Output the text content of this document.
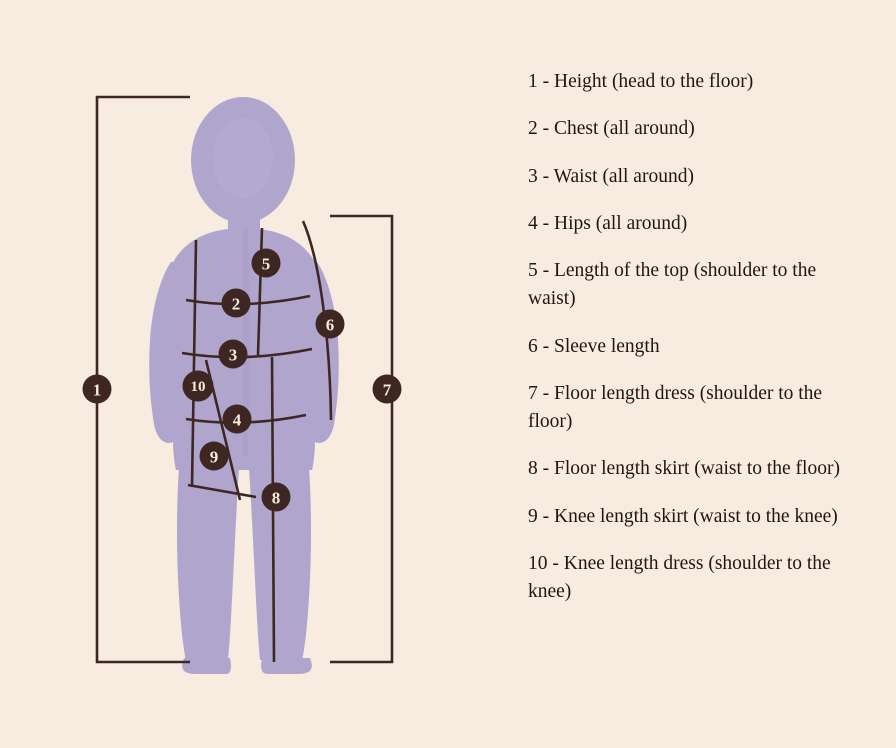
1
2
3
4
5
6
7
8
9
10
1 - Height (head to the floor)
2 - Chest (all around)
3 - Waist (all around)
4 - Hips (all around)
5 - Length of the top (shoulder to the waist)
6 - Sleeve length
7 - Floor length dress (shoulder to the floor)
8 - Floor length skirt (waist to the floor)
9 - Knee length skirt (waist to the knee)
10 - Knee length dress (shoulder to the knee)
